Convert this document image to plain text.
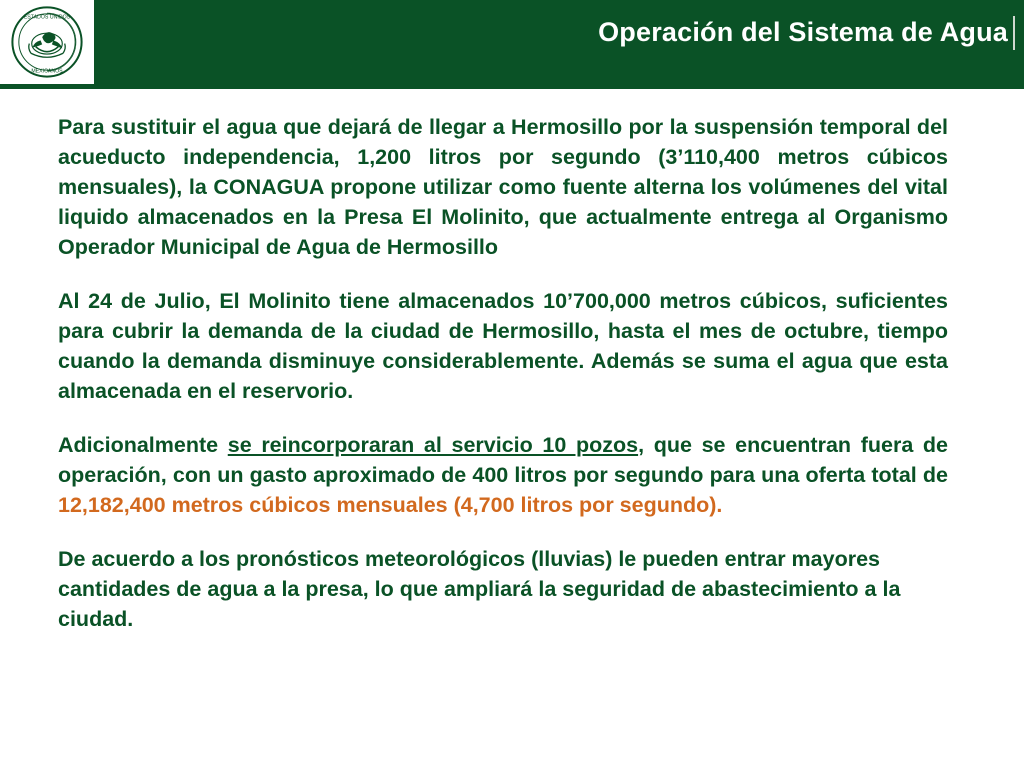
ESTADOS UNIDOS
MEXICANOS
Operación del Sistema de Agua

Para sustituir el agua que dejará de llegar a Hermosillo por la suspensión temporal del acueducto independencia, 1,200 litros por segundo (3’110,400 metros cúbicos mensuales), la CONAGUA propone utilizar como fuente alterna los volúmenes del vital liquido almacenados en la Presa El Molinito, que actualmente entrega al Organismo Operador Municipal de Agua de Hermosillo

Al 24 de Julio, El Molinito tiene almacenados 10’700,000 metros cúbicos, suficientes para cubrir la demanda de la ciudad de Hermosillo, hasta el mes de octubre, tiempo cuando la demanda disminuye considerablemente. Además se suma el agua que esta almacenada en el reservorio.

Adicionalmente se reincorporaran al servicio 10 pozos, que se encuentran fuera de operación, con un gasto aproximado de 400 litros por segundo para una oferta total de 12,182,400 metros cúbicos mensuales (4,700 litros por segundo).

De acuerdo a los pronósticos meteorológicos (lluvias) le pueden entrar mayores cantidades de agua a la presa, lo que ampliará la seguridad de abastecimiento a la ciudad.
